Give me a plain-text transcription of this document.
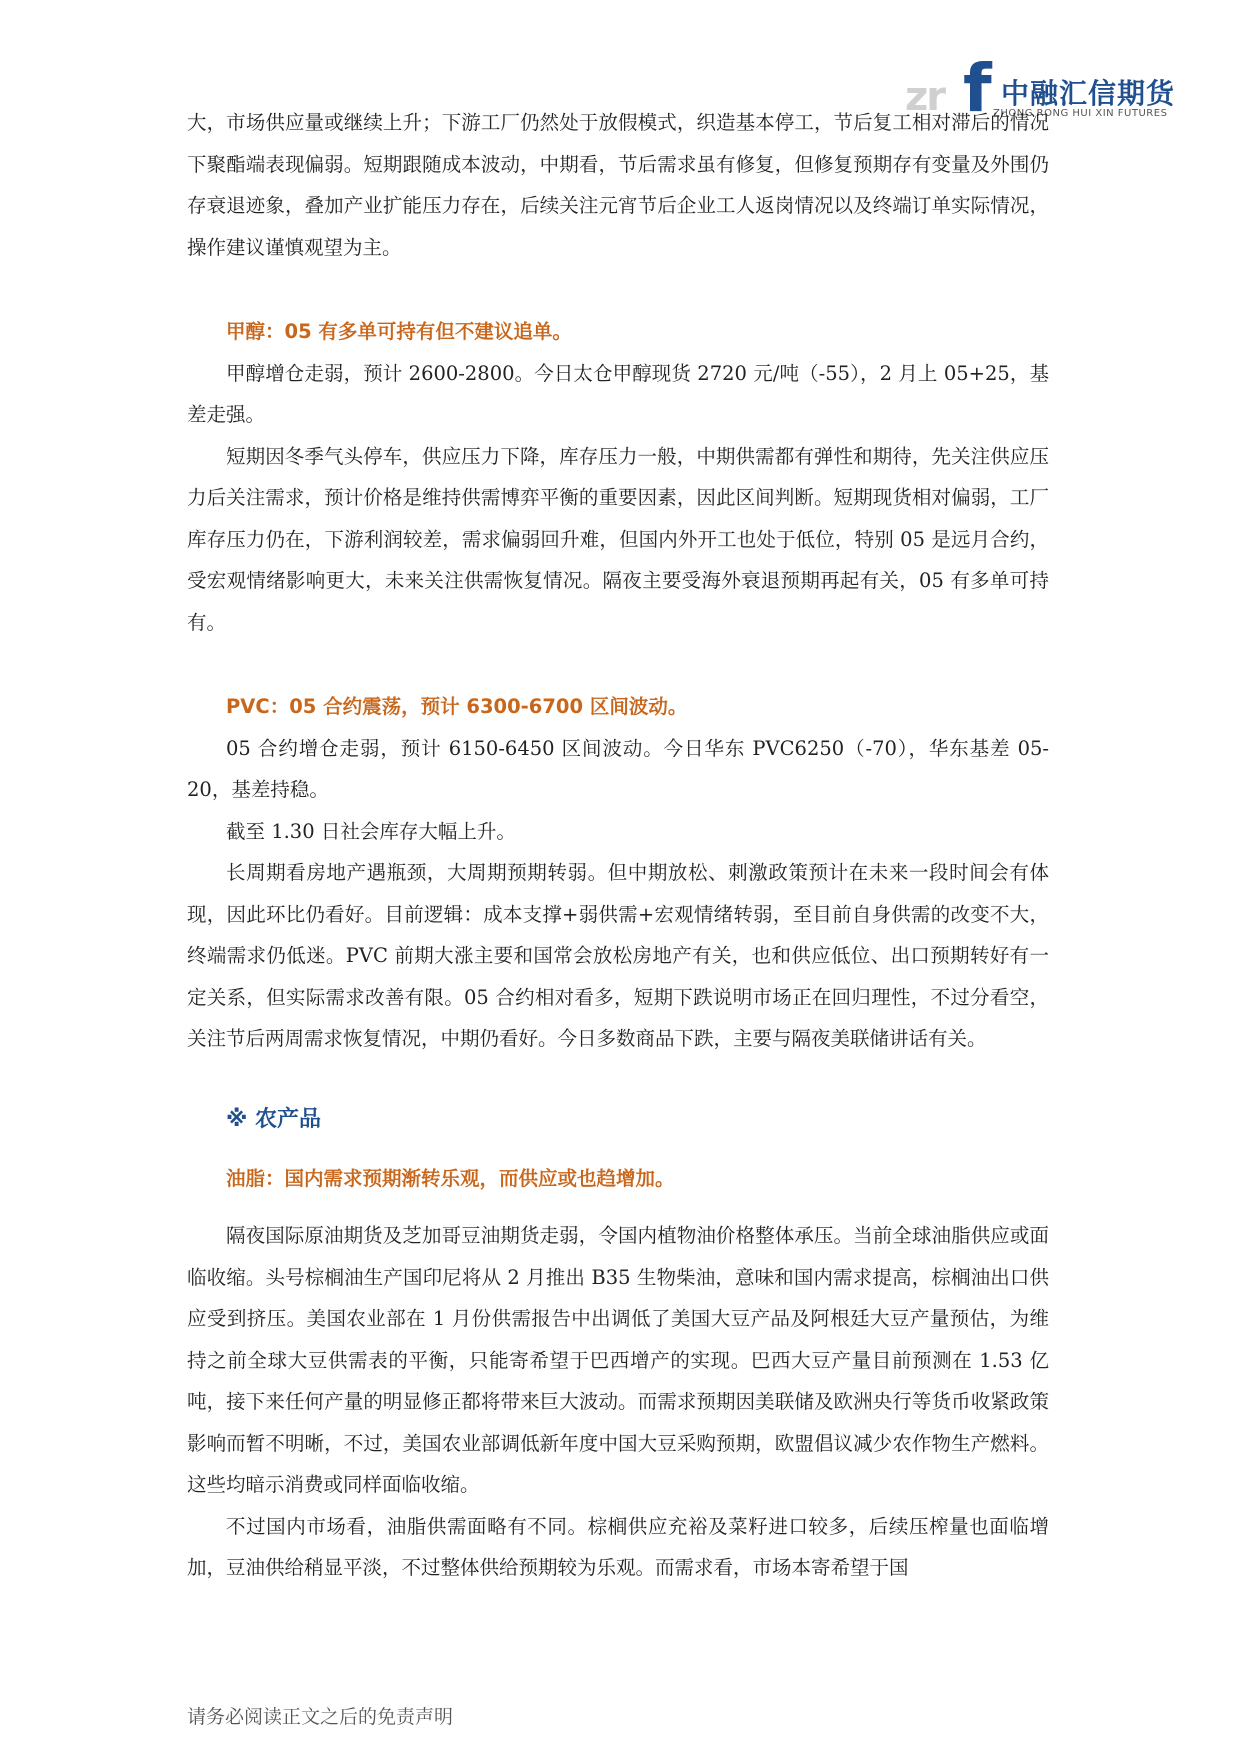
zr f 中融汇信期货
ZHONG RONG HUI XIN FUTURES

大，市场供应量或继续上升；下游工厂仍然处于放假模式，织造基本停工，节后复工相对滞后的情况下聚酯端表现偏弱。短期跟随成本波动，中期看，节后需求虽有修复，但修复预期存有变量及外围仍存衰退迹象，叠加产业扩能压力存在，后续关注元宵节后企业工人返岗情况以及终端订单实际情况，操作建议谨慎观望为主。

甲醇：05 有多单可持有但不建议追单。

甲醇增仓走弱，预计 2600-2800。今日太仓甲醇现货 2720 元/吨（-55），2 月上 05+25，基差走强。

短期因冬季气头停车，供应压力下降，库存压力一般，中期供需都有弹性和期待，先关注供应压力后关注需求，预计价格是维持供需博弈平衡的重要因素，因此区间判断。短期现货相对偏弱，工厂库存压力仍在，下游利润较差，需求偏弱回升难，但国内外开工也处于低位，特别 05 是远月合约，受宏观情绪影响更大，未来关注供需恢复情况。隔夜主要受海外衰退预期再起有关，05 有多单可持有。

PVC：05 合约震荡，预计 6300-6700 区间波动。

05 合约增仓走弱，预计 6150-6450 区间波动。今日华东 PVC6250（-70），华东基差 05-20，基差持稳。

截至 1.30 日社会库存大幅上升。

长周期看房地产遇瓶颈，大周期预期转弱。但中期放松、刺激政策预计在未来一段时间会有体现，因此环比仍看好。目前逻辑：成本支撑+弱供需+宏观情绪转弱，至目前自身供需的改变不大，终端需求仍低迷。PVC 前期大涨主要和国常会放松房地产有关，也和供应低位、出口预期转好有一定关系，但实际需求改善有限。05 合约相对看多，短期下跌说明市场正在回归理性，不过分看空，关注节后两周需求恢复情况，中期仍看好。今日多数商品下跌，主要与隔夜美联储讲话有关。

※ 农产品

油脂：国内需求预期渐转乐观，而供应或也趋增加。

隔夜国际原油期货及芝加哥豆油期货走弱，令国内植物油价格整体承压。当前全球油脂供应或面临收缩。头号棕榈油生产国印尼将从 2 月推出 B35 生物柴油，意味和国内需求提高，棕榈油出口供应受到挤压。美国农业部在 1 月份供需报告中出调低了美国大豆产品及阿根廷大豆产量预估，为维持之前全球大豆供需表的平衡，只能寄希望于巴西增产的实现。巴西大豆产量目前预测在 1.53 亿吨，接下来任何产量的明显修正都将带来巨大波动。而需求预期因美联储及欧洲央行等货币收紧政策影响而暂不明晰，不过，美国农业部调低新年度中国大豆采购预期，欧盟倡议减少农作物生产燃料。这些均暗示消费或同样面临收缩。

不过国内市场看，油脂供需面略有不同。棕榈供应充裕及菜籽进口较多，后续压榨量也面临增加，豆油供给稍显平淡，不过整体供给预期较为乐观。而需求看，市场本寄希望于国

请务必阅读正文之后的免责声明
